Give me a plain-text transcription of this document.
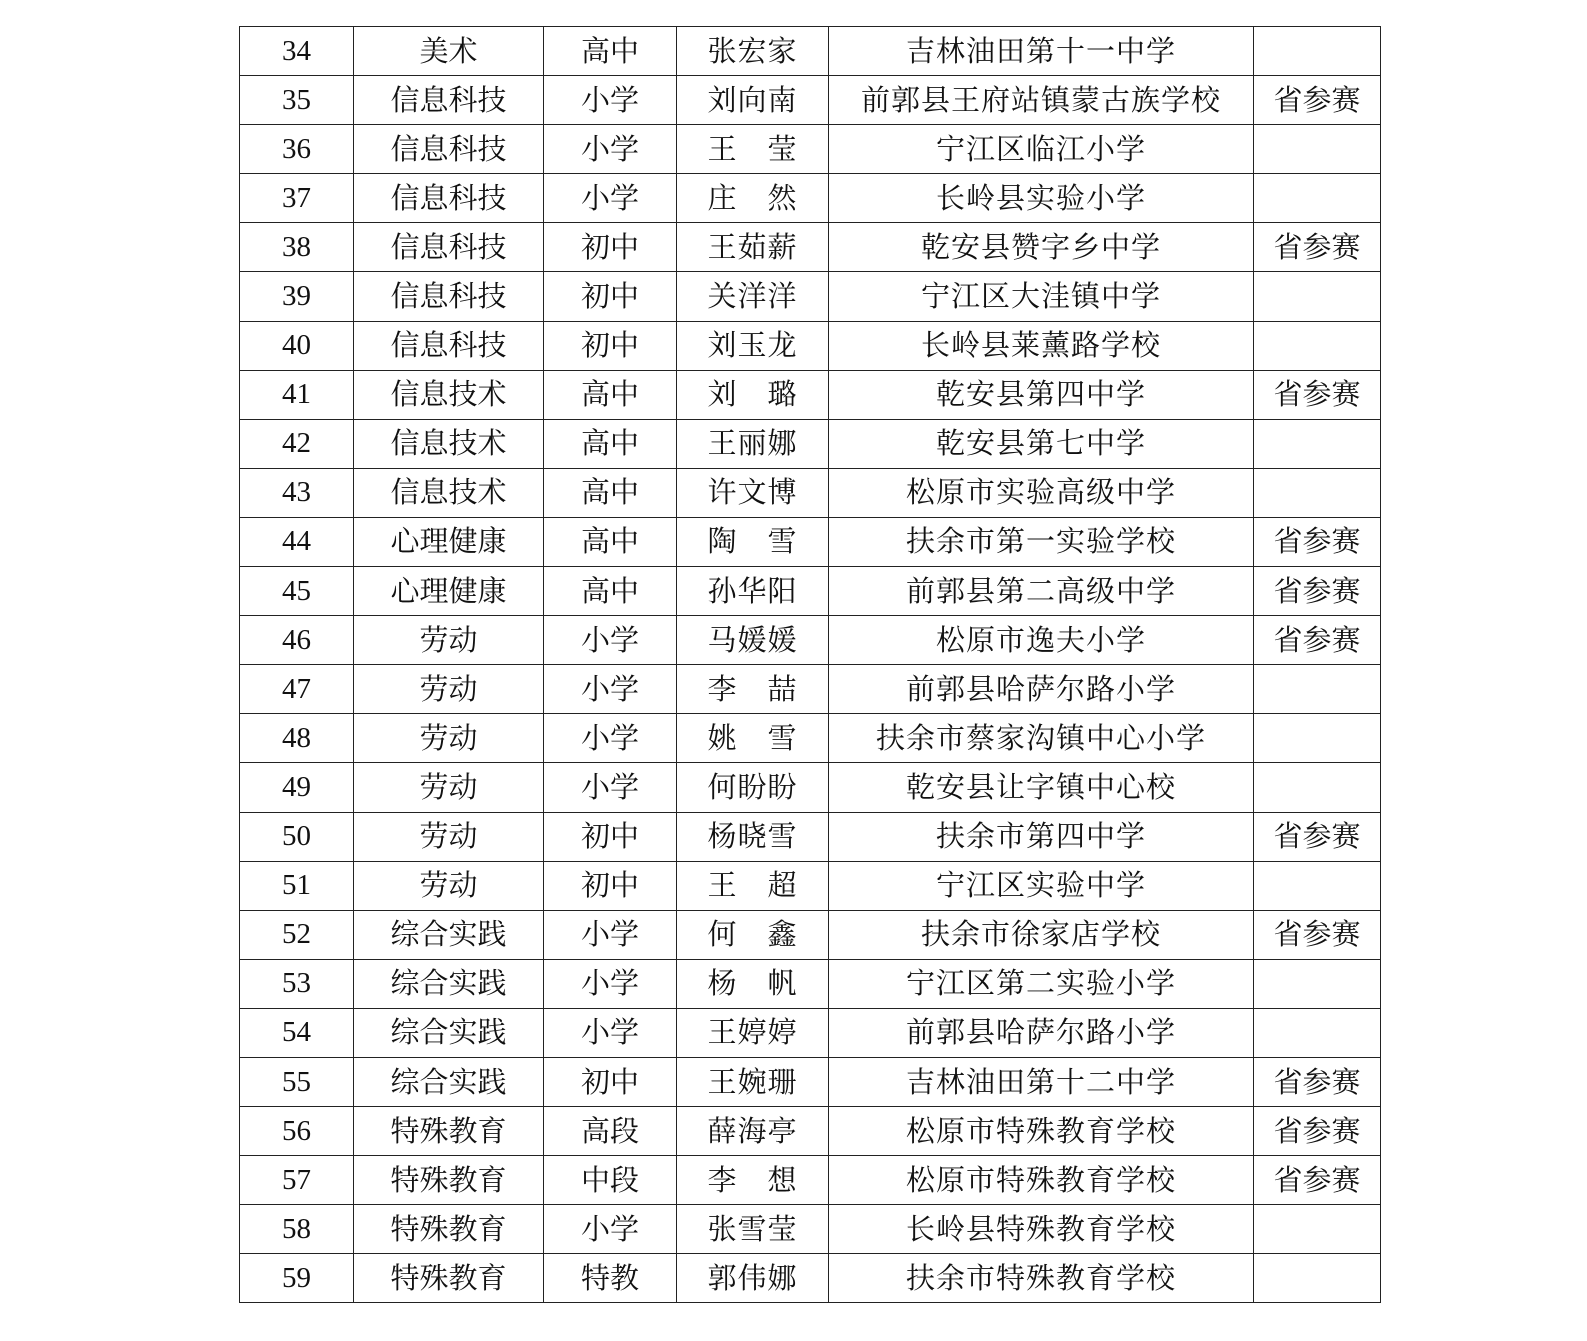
34	美术	高中	张宏家	吉林油田第十一中学	
35	信息科技	小学	刘向南	前郭县王府站镇蒙古族学校	省参赛
36	信息科技	小学	王　莹	宁江区临江小学	
37	信息科技	小学	庄　然	长岭县实验小学	
38	信息科技	初中	王茹薪	乾安县赞字乡中学	省参赛
39	信息科技	初中	关洋洋	宁江区大洼镇中学	
40	信息科技	初中	刘玉龙	长岭县莱薰路学校	
41	信息技术	高中	刘　璐	乾安县第四中学	省参赛
42	信息技术	高中	王丽娜	乾安县第七中学	
43	信息技术	高中	许文博	松原市实验高级中学	
44	心理健康	高中	陶　雪	扶余市第一实验学校	省参赛
45	心理健康	高中	孙华阳	前郭县第二高级中学	省参赛
46	劳动	小学	马媛媛	松原市逸夫小学	省参赛
47	劳动	小学	李　喆	前郭县哈萨尔路小学	
48	劳动	小学	姚　雪	扶余市蔡家沟镇中心小学	
49	劳动	小学	何盼盼	乾安县让字镇中心校	
50	劳动	初中	杨晓雪	扶余市第四中学	省参赛
51	劳动	初中	王　超	宁江区实验中学	
52	综合实践	小学	何　鑫	扶余市徐家店学校	省参赛
53	综合实践	小学	杨　帆	宁江区第二实验小学	
54	综合实践	小学	王婷婷	前郭县哈萨尔路小学	
55	综合实践	初中	王婉珊	吉林油田第十二中学	省参赛
56	特殊教育	高段	薛海亭	松原市特殊教育学校	省参赛
57	特殊教育	中段	李　想	松原市特殊教育学校	省参赛
58	特殊教育	小学	张雪莹	长岭县特殊教育学校	
59	特殊教育	特教	郭伟娜	扶余市特殊教育学校	
